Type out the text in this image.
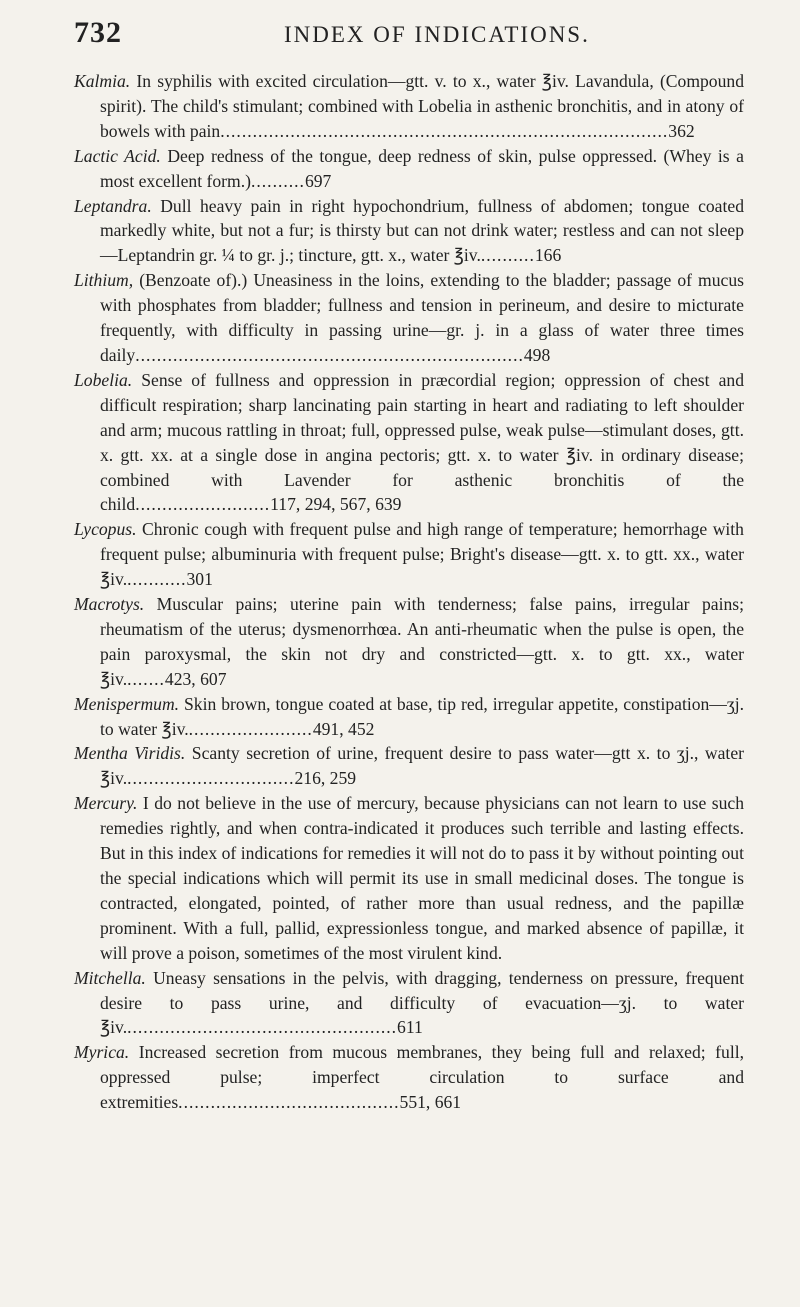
732	INDEX OF INDICATIONS.

Kalmia. In syphilis with excited circulation—gtt. v. to x., water ℥iv. Lavandula, (Compound spirit). The child's stimulant; combined with Lobelia in asthenic bronchitis, and in atony of bowels with pain...................................................................................362

Lactic Acid. Deep redness of the tongue, deep redness of skin, pulse oppressed. (Whey is a most excellent form.)..........697

Leptandra. Dull heavy pain in right hypochondrium, fullness of abdomen; tongue coated markedly white, but not a fur; is thirsty but can not drink water; restless and can not sleep—Leptandrin gr. ¼ to gr. j.; tincture, gtt. x., water ℥iv...........166

Lithium, (Benzoate of).) Uneasiness in the loins, extending to the bladder; passage of mucus with phosphates from bladder; fullness and tension in perineum, and desire to micturate frequently, with difficulty in passing urine—gr. j. in a glass of water three times daily........................................................................498

Lobelia. Sense of fullness and oppression in præcordial region; oppression of chest and difficult respiration; sharp lancinating pain starting in heart and radiating to left shoulder and arm; mucous rattling in throat; full, oppressed pulse, weak pulse—stimulant doses, gtt. x. gtt. xx. at a single dose in angina pectoris; gtt. x. to water ℥iv. in ordinary disease; combined with Lavender for asthenic bronchitis of the child.........................117, 294, 567, 639

Lycopus. Chronic cough with frequent pulse and high range of temperature; hemorrhage with frequent pulse; albuminuria with frequent pulse; Bright's disease—gtt. x. to gtt. xx., water ℥iv............301

Macrotys. Muscular pains; uterine pain with tenderness; false pains, irregular pains; rheumatism of the uterus; dysmenorrhœa. An anti-rheumatic when the pulse is open, the pain paroxysmal, the skin not dry and constricted—gtt. x. to gtt. xx., water ℥iv........423, 607

Menispermum. Skin brown, tongue coated at base, tip red, irregular appetite, constipation—ʒj. to water ℥iv........................491, 452

Mentha Viridis. Scanty secretion of urine, frequent desire to pass water—gtt x. to ʒj., water ℥iv................................216, 259

Mercury. I do not believe in the use of mercury, because physicians can not learn to use such remedies rightly, and when contra-indicated it produces such terrible and lasting effects. But in this index of indications for remedies it will not do to pass it by without pointing out the special indications which will permit its use in small medicinal doses. The tongue is contracted, elongated, pointed, of rather more than usual redness, and the papillæ prominent. With a full, pallid, expressionless tongue, and marked absence of papillæ, it will prove a poison, sometimes of the most virulent kind.

Mitchella. Uneasy sensations in the pelvis, with dragging, tenderness on pressure, frequent desire to pass urine, and difficulty of evacuation—ʒj. to water ℥iv...................................................611

Myrica. Increased secretion from mucous membranes, they being full and relaxed; full, oppressed pulse; imperfect circulation to surface and extremities.........................................551, 661
